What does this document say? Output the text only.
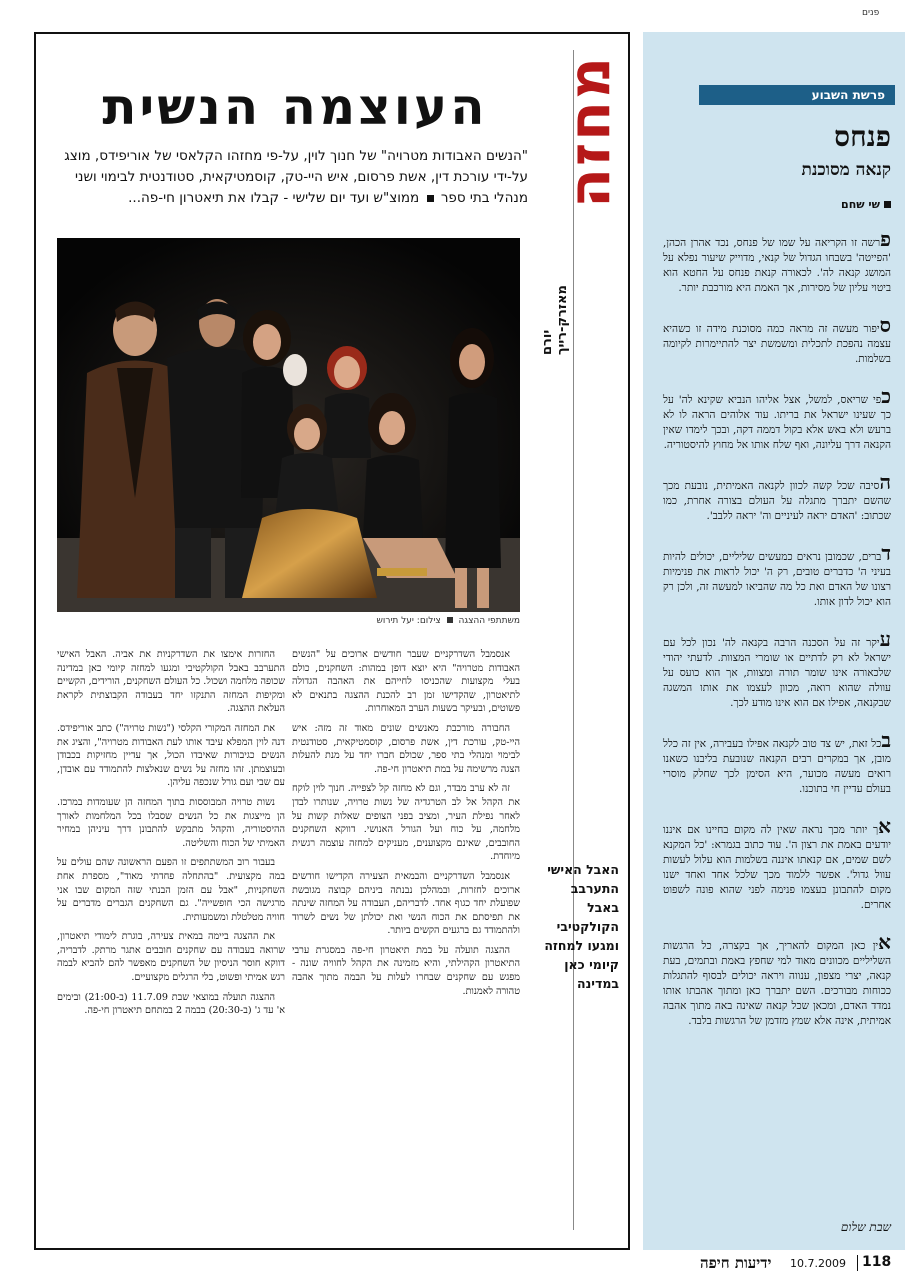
פנים
פרשת השבוע
פנחס
קנאה מסוכנת
שי שחם

פרשה זו הקריאה על שמו של פנחס, נכד אהרן הכהן, 'הפייטה' בשבחו הגדול של קנאי, מדוייק שיעור נפלא על המושג קנאה לה'. לכאורה קנאת פנחס על החטא הוא ביטוי עליון של מסירות, אך האמת היא מורכבת יותר.

סיפור מעשה זה מראה כמה מסוכנת מידה זו כשהיא עצמה נהפכת לתכלית ומשמשת יצר להתיימרות לקיומה בשלמות.

כפי שריאס, למשל, אצל אליהו הנביא שקינא לה' על כך שעינו ישראל את בריתו. עוד אלוהים הראה לו לא ברעש ולא באש אלא בקול דממה דקה, ובכך לימדו שאין הקנאה דרך עליונה, ואף שלח אותו אל מחוץ להיסטוריה.

הסיבה שכל קשה לכוון לקנאה האמיתית, נובעת מכך שהשם יתברך מתגלה על העולם בצורה אחרת, כמו שכתוב: 'האדם יראה לעיניים וה' יראה ללבב'.

דברים, שכמובן נראים כמעשים שליליים, יכולים להיות בעיני ה' כדברים טובים, רק ה' יכול לראות את פנימיות רצונו של האדם ואת כל מה שהביאו למעשה זה, ולכן רק הוא יכול לדון אותו.

עיקר זה על הסכנה הרבה בקנאה לה' נכון לכל עם ישראל לא רק לדתיים או שומרי המצוות. לדעתי יהודי שלכאורה אינו שומר תורה ומצוות, אך הוא כועס על עוולה שהוא רואה, מכוון לעצמו את אותו המשגה שבקנאה, אפילו אם הוא אינו מודע לכך.

בכל זאת, יש צד טוב לקנאה אפילו בעבירה, אין זה כלל מובן, אך במקרים רבים הקנאה שנובעת בליבנו כשאנו רואים מעשה מכוער, היא הסימן לכך שחלק מוסרי בעולם עדיין חי בתוכנו.

אך יותר מכך נראה שאין לה מקום בחיינו אם איננו יודעים באמת את רצון ה'. עוד כתוב בגמרא: 'כל המקנא לשם שמים, אם קנאתו איננה בשלמות הוא עלול לעשות עוול גדול'. אפשר ללמוד מכך שלכל אחד ואחד ישנו מקום להתבונן בעצמו פנימה לפני שהוא פונה לשפוט אחרים.

אין כאן המקום להאריך, אך בקצרה, כל הרגשות השליליים מכוונים מאוד למי שחפץ באמת ובתמים, בעת קנאה, יצרי מצפון, ענווה ויראה יכולים לבסוף להתגלות ככוחות מבורכים. השם יתברך כאן ומתוך אהבתו אותו נמדד האדם, ומכאן שכל קנאה שאינה באה מתוך אהבה אמיתית, אינה אלא שמץ מזדמן של הרגשות בלבד.

שבת שלום
מחזה
יורם מאזרק-רייך
העוצמה הנשית
"הנשים האבודות מטרויה" של חנוך לוין, על-פי מחזהו הקלאסי של אוריפידס, מוצג על-ידי עורכת דין, אשת פרסום, איש היי-טק, קוסמטיקאית, סטודנטית לבימוי ושני מנהלי בתי ספר  ממוצ"ש ועד יום שלישי - קבלו את תיאטרון חי-פה...
משתתפי ההצגה  צילום: יעל תירוש

אנסמבל השדרקניים שעבר חודשים ארוכים על "הנשים האבודות מטרויה" היא יוצא דופן במהות: השחקנים, כולם בעלי מקצועות שהכניסו לחייהם את האהבה הגדולה לתיאטרון, שהקדישו זמן רב להכנת ההצגה בתנאים לא פשוטים, ובעיקר בשעות הערב המאוחרות.

החבורה מורכבת מאנשים שונים מאוד זה מזה: איש היי-טק, עורכת דין, אשת פרסום, קוסמטיקאית, סטודנטית לבימוי ומנהלי בתי ספר, שכולם חברו יחד על מנת להעלות הצגה מרשימה על במת תיאטרון חי-פה.

זה לא ערב מבדר, וגם לא מחזה קל לצפייה. חנוך לוין לוקח את הקהל אל לב הטרגדיה של נשות טרויה, שנותרו לבדן לאחר נפילת העיר, ומציב בפני הצופים שאלות קשות על מלחמה, על כוח ועל הגורל האנושי. דווקא השחקנים החובבים, שאינם מקצוענים, מעניקים למחזה עוצמה רגשית מיוחדת.

אנסמבל השדרקניים והבמאית הצעירה הקדישו חודשים ארוכים לחזרות, ובמהלכן נבנתה ביניהם קבוצה מגובשת שפועלת יחד כגוף אחד. לדבריהם, העבודה על המחזה שינתה את תפיסתם את הכוח הנשי ואת יכולתן של נשים לשרוד ולהתמודד גם ברגעים הקשים ביותר.

ההצגה תועלה על במת תיאטרון חי-פה במסגרת ערבי התיאטרון הקהילתי, והיא מזמינה את הקהל לחוויה שונה - מפגש עם שחקנים שבחרו לעלות על הבמה מתוך אהבה טהורה לאמנות.

החזרות אימצו את השדרקניות את אביה. האבל האישי התערבב באבל הקולקטיבי ומגעו למחזה קיומי כאן במדינה שכופה מלחמה ושכול. כל העולם השחקנים, הורידים, הקשיים ומקיפות המחזה התנקזו יחד בעבודה הקבוצתית לקראת העלאת ההצגה.

את המחזה המקורי הקלסי ("נשות טרויה") כתב אוריפידס. דנה לוין המפלא עיבד אותו לעת האבודות מטרויה", והציג את הנשים כגיבורות שאיבדו הכול, אך עדיין מחזיקות בכבודן ובעוצמתן. זהו מחזה על נשים שנאלצות להתמודד עם אובדן, עם שבי ועם גורל שנכפה עליהן.

נשות טרויה המבוססות בתוך המחזה הן שעומדות במרכז. הן מייצגות את כל הנשים שסבלו בכל המלחמות לאורך ההיסטוריה, והקהל מתבקש להתבונן דרך עיניהן במחיר האמיתי של הכוח והשליטה.

בעבור רוב המשתתפים זו הפעם הראשונה שהם עולים על במה מקצועית. "בהתחלה פחדתי מאוד", מספרת אחת השחקניות, "אבל עם הזמן הבנתי שזה המקום שבו אני מרגישה הכי חופשייה". גם השחקנים הגברים מדברים על חוויה מטלטלת ומשמעותית.

את ההצגה ביימה במאית צעירה, בוגרת לימודי תיאטרון, שרואה בעבודה עם שחקנים חובבים אתגר מרתק. לדבריה, דווקא חוסר הניסיון של השחקנים מאפשר להם להביא לבמה רגש אמיתי ופשוט, בלי הרגלים מקצועיים.

ההצגה תועלה במוצאי שבת 11.7.09 (ב-21:00) ובימים א' עד ג' (ב-20:30) בבמה 2 במתחם תיאטרון חי-פה.

האבל האישי התערבב באבל הקולקטיבי ומגעו למחזה קיומי כאן במדינה
ידיעות חיפה 10.7.2009 118
